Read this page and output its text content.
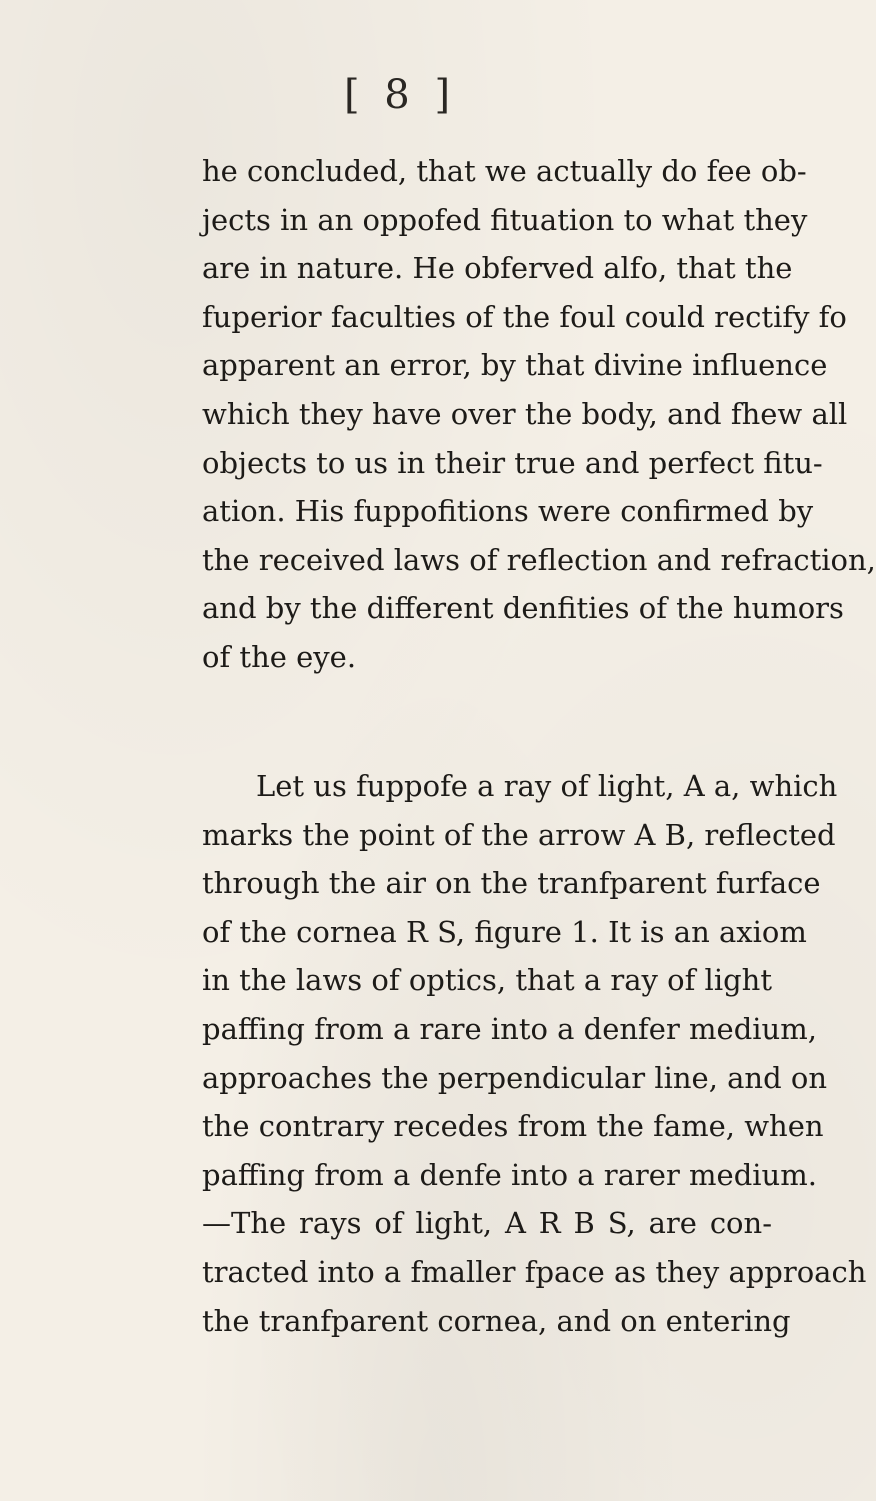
[ 8 ]
he concluded, that we actually do fee ob-
jects in an oppofed fituation to what they
are in nature. He obferved alfo, that the
fuperior faculties of the foul could rectify fo
apparent an error, by that divine influence
which they have over the body, and fhew all
objects to us in their true and perfect fitu-
ation. His fuppofitions were confirmed by
the received laws of reflection and refraction,
and by the different denfities of the humors
of the eye.
Let us fuppofe a ray of light, A a, which
marks the point of the arrow A B, reflected
through the air on the tranfparent furface
of the cornea R S, figure 1. It is an axiom
in the laws of optics, that a ray of light
paffing from a rare into a denfer medium,
approaches the perpendicular line, and on
the contrary recedes from the fame, when
paffing from a denfe into a rarer medium.
—The rays of light, A R B S, are con-
tracted into a fmaller fpace as they approach
the tranfparent cornea, and on entering
